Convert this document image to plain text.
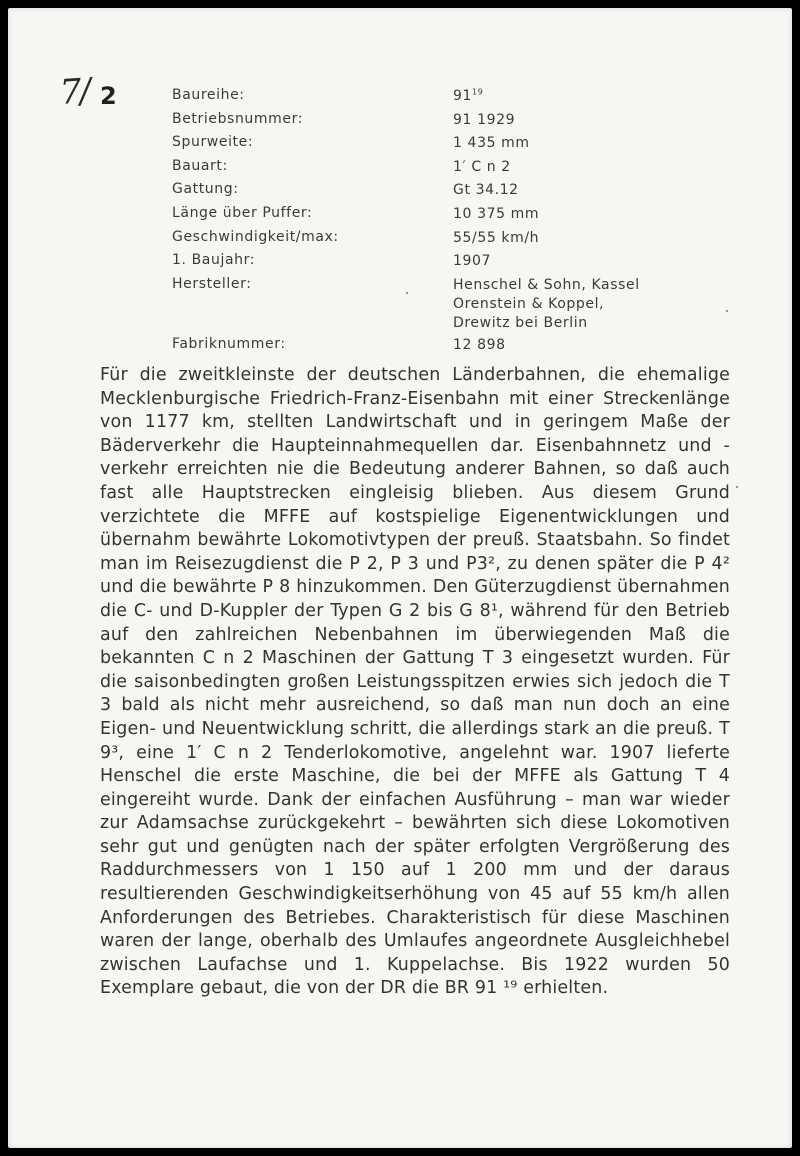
7/ 2	Baureihe:	$91^{19}$
Betriebsnummer:	91 1929
Spurweite:	1 435 mm
Bauart:	1′ C n 2
Gattung:	Gt 34.12
Länge über Puffer:	10 375 mm
Geschwindigkeit/max:	55/55 km/h
1. Baujahr:	1907
Hersteller:	Henschel & Sohn, Kassel
Orenstein & Koppel,
Drewitz bei Berlin
Fabriknummer:	12 898
Für die zweitkleinste der deutschen Länderbahnen, die ehemalige Mecklenburgische Friedrich-Franz-Eisenbahn mit einer Streckenlänge von 1177 km, stellten Landwirtschaft und in geringem Maße der Bäderverkehr die Haupteinnahmequellen dar. Eisenbahnnetz und -verkehr erreichten nie die Bedeutung anderer Bahnen, so daß auch fast alle Hauptstrecken eingleisig blieben. Aus diesem Grund verzichtete die MFFE auf kostspielige Eigenentwicklungen und übernahm bewährte Lokomotivtypen der preuß. Staatsbahn. So findet man im Reisezugdienst die P 2, P 3 und P3², zu denen später die P 4² und die bewährte P 8 hinzukommen. Den Güterzugdienst übernahmen die C- und D-Kuppler der Typen G 2 bis G 8¹, während für den Betrieb auf den zahlreichen Nebenbahnen im überwiegenden Maß die bekannten C n 2 Maschinen der Gattung T 3 eingesetzt wurden. Für die saisonbedingten großen Leistungsspitzen erwies sich jedoch die T 3 bald als nicht mehr ausreichend, so daß man nun doch an eine Eigen- und Neuentwicklung schritt, die allerdings stark an die preuß. T 9³, eine 1′ C n 2 Tenderlokomotive, angelehnt war. 1907 lieferte Henschel die erste Maschine, die bei der MFFE als Gattung T 4 eingereiht wurde. Dank der einfachen Ausführung – man war wieder zur Adamsachse zurückgekehrt – bewährten sich diese Lokomotiven sehr gut und genügten nach der später erfolgten Vergrößerung des Raddurchmessers von 1 150 auf 1 200 mm und der daraus resultierenden Geschwindigkeitserhöhung von 45 auf 55 km/h allen Anforderungen des Betriebes. Charakteristisch für diese Maschinen waren der lange, oberhalb des Umlaufes angeordnete Ausgleichhebel zwischen Laufachse und 1. Kuppelachse. Bis 1922 wurden 50 Exemplare gebaut, die von der DR die BR 91 ¹⁹ erhielten.
